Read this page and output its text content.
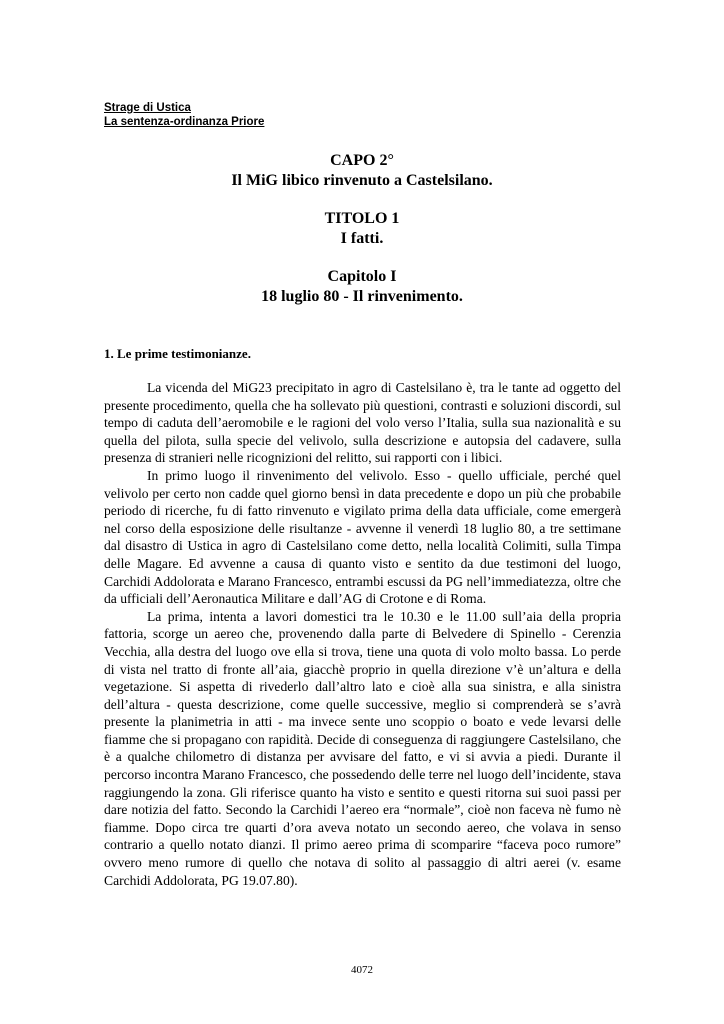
Strage di Ustica
La sentenza-ordinanza Priore
CAPO 2°
Il MiG libico rinvenuto a Castelsilano.
TITOLO 1
I fatti.
Capitolo I
18 luglio 80 - Il rinvenimento.
1. Le prime testimonianze.

La vicenda del MiG23 precipitato in agro di Castelsilano è, tra le tante ad oggetto del presente procedimento, quella che ha sollevato più questioni, contrasti e soluzioni discordi, sul tempo di caduta dell’aeromobile e le ragioni del volo verso l’Italia, sulla sua nazionalità e su quella del pilota, sulla specie del velivolo, sulla descrizione e autopsia del cadavere, sulla presenza di stranieri nelle ricognizioni del relitto, sui rapporti con i libici.

In primo luogo il rinvenimento del velivolo. Esso - quello ufficiale, perché quel velivolo per certo non cadde quel giorno bensì in data precedente e dopo un più che probabile periodo di ricerche, fu di fatto rinvenuto e vigilato prima della data ufficiale, come emergerà nel corso della esposizione delle risultanze - avvenne il venerdì 18 luglio 80, a tre settimane dal disastro di Ustica in agro di Castelsilano come detto, nella località Colimiti, sulla Timpa delle Magare. Ed avvenne a causa di quanto visto e sentito da due testimoni del luogo, Carchidi Addolorata e Marano Francesco, entrambi escussi da PG nell’immediatezza, oltre che da ufficiali dell’Aeronautica Militare e dall’AG di Crotone e di Roma.

La prima, intenta a lavori domestici tra le 10.30 e le 11.00 sull’aia della propria fattoria, scorge un aereo che, provenendo dalla parte di Belvedere di Spinello - Cerenzia Vecchia, alla destra del luogo ove ella si trova, tiene una quota di volo molto bassa. Lo perde di vista nel tratto di fronte all’aia, giacchè proprio in quella direzione v’è un’altura e della vegetazione. Si aspetta di rivederlo dall’altro lato e cioè alla sua sinistra, e alla sinistra dell’altura - questa descrizione, come quelle successive, meglio si comprenderà se s’avrà presente la planimetria in atti - ma invece sente uno scoppio o boato e vede levarsi delle fiamme che si propagano con rapidità. Decide di conseguenza di raggiungere Castelsilano, che è a qualche chilometro di distanza per avvisare del fatto, e vi si avvia a piedi. Durante il percorso incontra Marano Francesco, che possedendo delle terre nel luogo dell’incidente, stava raggiungendo la zona. Gli riferisce quanto ha visto e sentito e questi ritorna sui suoi passi per dare notizia del fatto. Secondo la Carchidi l’aereo era “normale”, cioè non faceva nè fumo nè fiamme. Dopo circa tre quarti d’ora aveva notato un secondo aereo, che volava in senso contrario a quello notato dianzi. Il primo aereo prima di scomparire “faceva poco rumore” ovvero meno rumore di quello che notava di solito al passaggio di altri aerei (v. esame Carchidi Addolorata, PG 19.07.80).

4072
